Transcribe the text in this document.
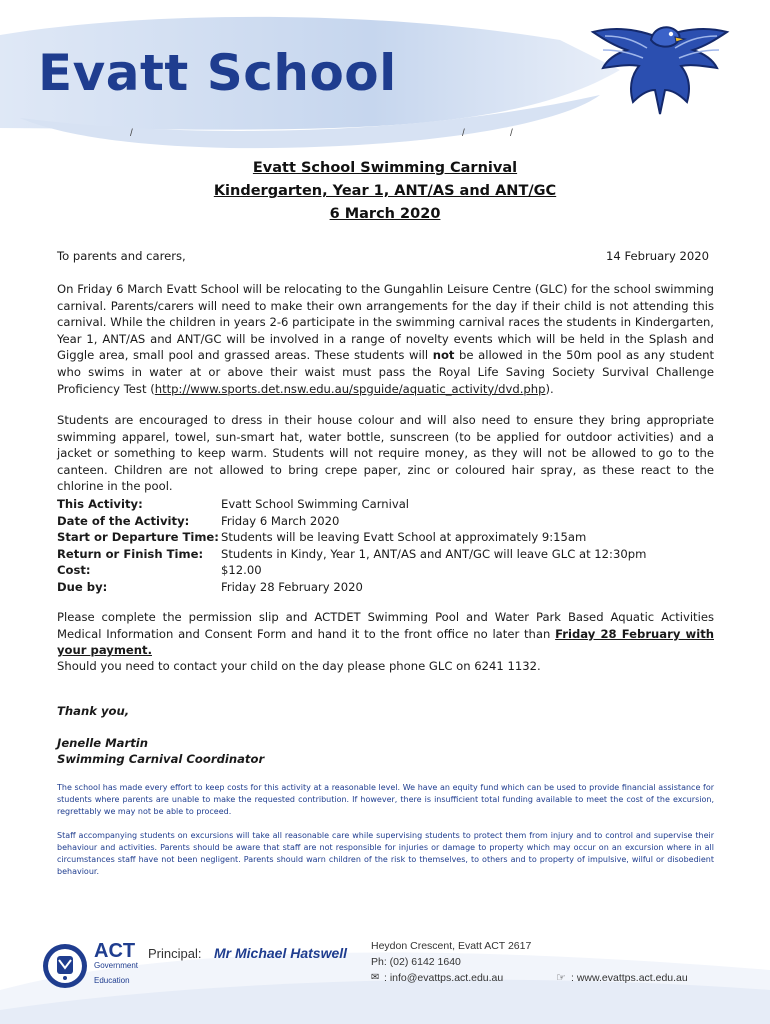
Evatt School
/	/	/
Evatt School Swimming Carnival
Kindergarten, Year 1, ANT/AS and ANT/GC
6 March 2020
To parents and carers,	14 February 2020
On Friday 6 March Evatt School will be relocating to the Gungahlin Leisure Centre (GLC) for the school swimming carnival. Parents/carers will need to make their own arrangements for the day if their child is not attending this carnival. While the children in years 2-6 participate in the swimming carnival races the students in Kindergarten, Year 1, ANT/AS and ANT/GC will be involved in a range of novelty events which will be held in the Splash and Giggle area, small pool and grassed areas. These students will not be allowed in the 50m pool as any student who swims in water at or above their waist must pass the Royal Life Saving Society Survival Challenge Proficiency Test (http://www.sports.det.nsw.edu.au/spguide/aquatic_activity/dvd.php).
Students are encouraged to dress in their house colour and will also need to ensure they bring appropriate swimming apparel, towel, sun-smart hat, water bottle, sunscreen (to be applied for outdoor activities) and a jacket or something to keep warm. Students will not require money, as they will not be allowed to go to the canteen. Children are not allowed to bring crepe paper, zinc or coloured hair spray, as these react to the chlorine in the pool.
This Activity:	Evatt School Swimming Carnival
Date of the Activity:	Friday 6 March 2020
Start or Departure Time: Students will be leaving Evatt School at approximately 9:15am
Return or Finish Time:	Students in Kindy, Year 1, ANT/AS and ANT/GC will leave GLC at 12:30pm
Cost:	$12.00
Due by:	Friday 28 February 2020
Please complete the permission slip and ACTDET Swimming Pool and Water Park Based Aquatic Activities Medical Information and Consent Form and hand it to the front office no later than Friday 28 February with your payment.
Should you need to contact your child on the day please phone GLC on 6241 1132.
Thank you,
Jenelle Martin
Swimming Carnival Coordinator
The school has made every effort to keep costs for this activity at a reasonable level. We have an equity fund which can be used to provide financial assistance for students where parents are unable to make the requested contribution. If however, there is insufficient total funding available to meet the cost of the excursion, regrettably we may not be able to proceed.
Staff accompanying students on excursions will take all reasonable care while supervising students to protect them from injury and to control and supervise their behaviour and activities. Parents should be aware that staff are not responsible for injuries or damage to property which may occur on an excursion where in all circumstances staff have not been negligent. Parents should warn children of the risk to themselves, to others and to property of impulsive, wilful or disobedient behaviour.
ACT
Government
Education
Principal: Mr Michael Hatswell Heydon Crescent, Evatt ACT 2617
Ph: (02) 6142 1640
✉ : info@evattps.act.edu.au	☞ : www.evattps.act.edu.au
